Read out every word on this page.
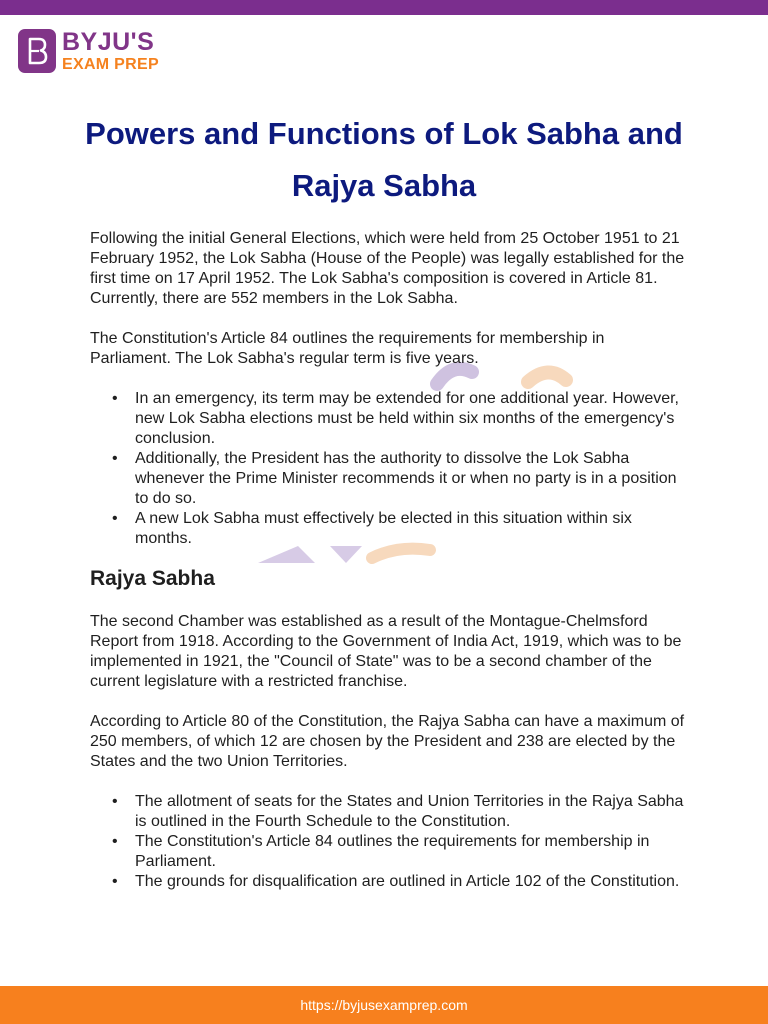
BYJU'S
EXAM PREP
Powers and Functions of Lok Sabha and Rajya Sabha

Following the initial General Elections, which were held from 25 October 1951 to 21 February 1952, the Lok Sabha (House of the People) was legally established for the first time on 17 April 1952. The Lok Sabha's composition is covered in Article 81. Currently, there are 552 members in the Lok Sabha.

The Constitution's Article 84 outlines the requirements for membership in Parliament. The Lok Sabha's regular term is five years.

• In an emergency, its term may be extended for one additional year. However, new Lok Sabha elections must be held within six months of the emergency's conclusion.
• Additionally, the President has the authority to dissolve the Lok Sabha whenever the Prime Minister recommends it or when no party is in a position to do so.
• A new Lok Sabha must effectively be elected in this situation within six months.
Rajya Sabha

The second Chamber was established as a result of the Montague-Chelmsford Report from 1918. According to the Government of India Act, 1919, which was to be implemented in 1921, the "Council of State" was to be a second chamber of the current legislature with a restricted franchise.

According to Article 80 of the Constitution, the Rajya Sabha can have a maximum of 250 members, of which 12 are chosen by the President and 238 are elected by the States and the two Union Territories.

• The allotment of seats for the States and Union Territories in the Rajya Sabha is outlined in the Fourth Schedule to the Constitution.
• The Constitution's Article 84 outlines the requirements for membership in Parliament.
• The grounds for disqualification are outlined in Article 102 of the Constitution.
https://byjusexamprep.com
